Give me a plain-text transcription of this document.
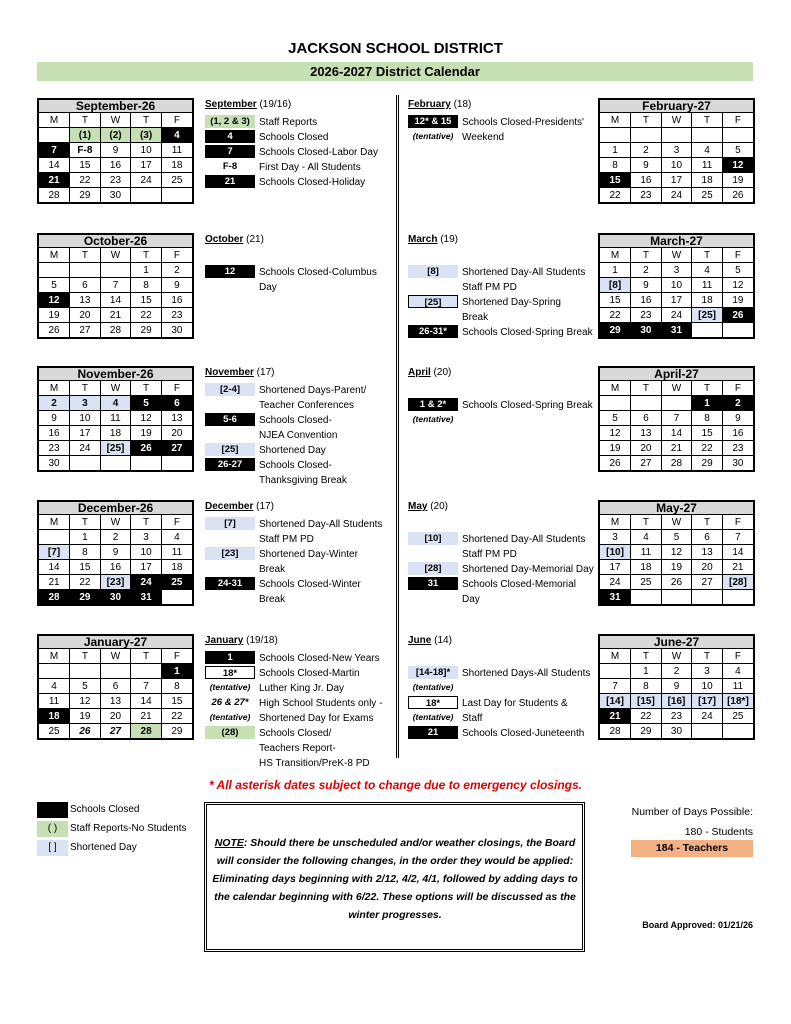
JACKSON SCHOOL DISTRICT
2026-2027 District Calendar
September-26
M	T	W	T	F
	(1)	(2)	(3)	4
7	F-8	9	10	11
14	15	16	17	18
21	22	23	24	25
28	29	30		
February-27
M	T	W	T	F

1	2	3	4	5
8	9	10	11	12
15	16	17	18	19
22	23	24	25	26
October-26
M	T	W	T	F
			1	2
5	6	7	8	9
12	13	14	15	16
19	20	21	22	23
26	27	28	29	30
March-27
M	T	W	T	F
1	2	3	4	5
[8]	9	10	11	12
15	16	17	18	19
22	23	24	[25]	26
29	30	31		
November-26
M	T	W	T	F
2	3	4	5	6
9	10	11	12	13
16	17	18	19	20
23	24	[25]	26	27
30				
April-27
M	T	W	T	F
			1	2
5	6	7	8	9
12	13	14	15	16
19	20	21	22	23
26	27	28	29	30
December-26
M	T	W	T	F
	1	2	3	4
[7]	8	9	10	11
14	15	16	17	18
21	22	[23]	24	25
28	29	30	31	
May-27
M	T	W	T	F
3	4	5	6	7
[10]	11	12	13	14
17	18	19	20	21
24	25	26	27	[28]
31				
January-27
M	T	W	T	F
				1
4	5	6	7	8
11	12	13	14	15
18	19	20	21	22
25	26	27	28	29
June-27
M	T	W	T	F
	1	2	3	4
7	8	9	10	11
[14]	[15]	[16]	[17]	[18*]
21	22	23	24	25
28	29	30		
September (19/16)
(1, 2 & 3) Staff Reports
4	Schools Closed
7	Schools Closed-Labor Day
F-8 First Day - All Students
21 Schools Closed-Holiday
February (18)
12* & 15 Schools Closed-Presidents'
(tentative) Weekend
October (21)
12 Schools Closed-Columbus
Day
March (19)
[8] Shortened Day-All Students
Staff PM PD
[25] Shortened Day-Spring
Break
26-31* Schools Closed-Spring Break
November (17)
[2-4] Shortened Days-Parent/
Teacher Conferences
5-6 Schools Closed-
NJEA Convention
[25] Shortened Day
26-27 Schools Closed-
Thanksgiving Break
April (20)
1 & 2* Schools Closed-Spring Break
(tentative)
December (17)
[7] Shortened Day-All Students
Staff PM PD
[23] Shortened Day-Winter
Break
24-31 Schools Closed-Winter
Break
May (20)
[10] Shortened Day-All Students
Staff PM PD
[28] Shortened Day-Memorial Day
31 Schools Closed-Memorial
Day
January (19/18)
1	Schools Closed-New Years
18* Schools Closed-Martin
(tentative) Luther King Jr. Day
26 & 27* High School Students only -
(tentative) Shortened Day for Exams
(28) Schools Closed/
Teachers Report-
HS Transition/PreK-8 PD
June (14)
[14-18]* Shortened Days-All Students
(tentative)
18* Last Day for Students &
(tentative) Staff
21 Schools Closed-Juneteenth
* All asterisk dates subject to change due to emergency closings.
Schools Closed
( )	Staff Reports-No Students
[ ]	Shortened Day	NOTE: Should there be unscheduled and/or weather closings, the Board will consider the following changes, in the order they would be applied: Eliminating days beginning with 2/12, 4/2, 4/1, followed by adding days to the calendar beginning with 6/22. These options will be discussed as the winter progresses.
Number of Days Possible:
180 - Students
184 - Teachers
Board Approved: 01/21/26
